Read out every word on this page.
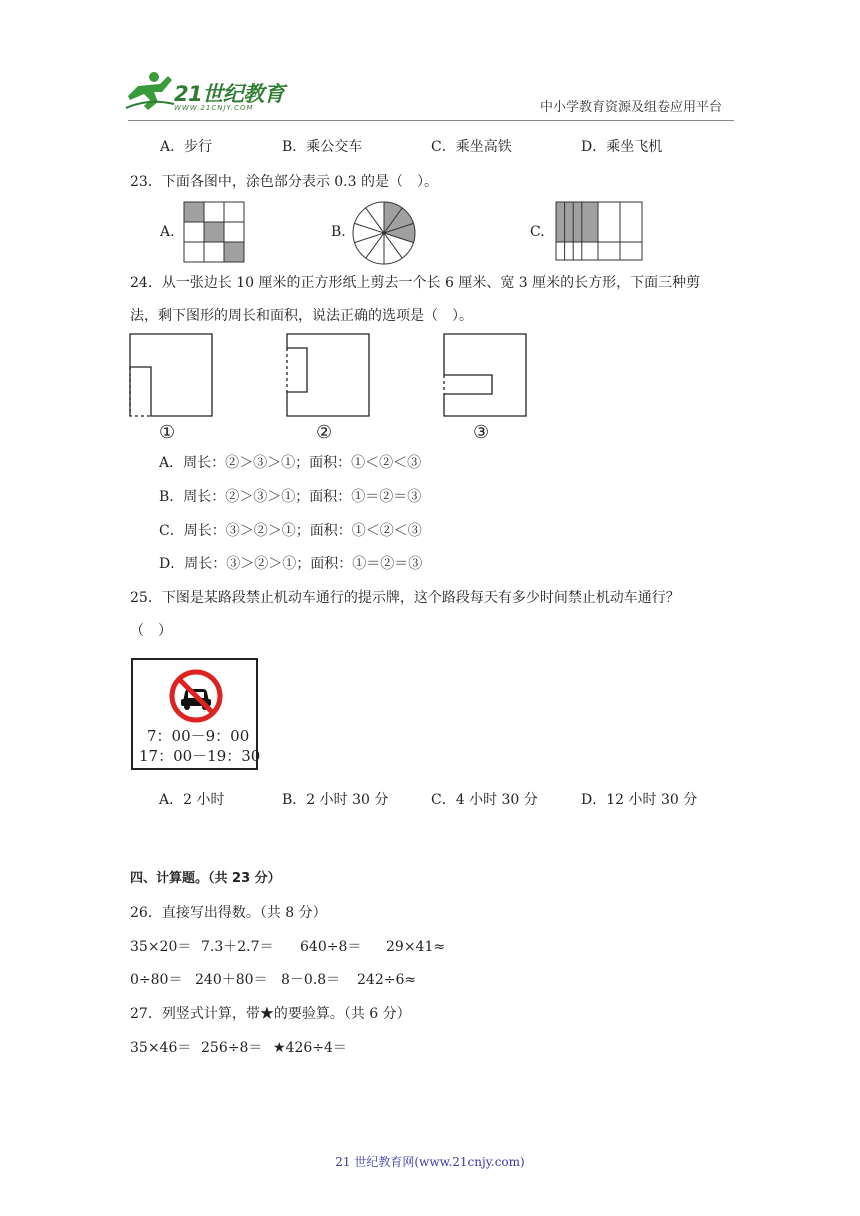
21世纪教育
WWW.21CNJY.COM	中小学教育资源及组卷应用平台
A．步行	B．乘公交车	C．乘坐高铁	D．乘坐飞机
23．下面各图中，涂色部分表示 0.3 的是（　）。
A.	B.	C.
24．从一张边长 10 厘米的正方形纸上剪去一个长 6 厘米、宽 3 厘米的长方形，下面三种剪
法，剩下图形的周长和面积，说法正确的选项是（　）。
①	②	③
A．周长：②＞③＞①；面积：①＜②＜③
B．周长：②＞③＞①；面积：①＝②＝③
C．周长：③＞②＞①；面积：①＜②＜③
D．周长：③＞②＞①；面积：①＝②＝③
25．下图是某路段禁止机动车通行的提示牌，这个路段每天有多少时间禁止机动车通行？
（　）
7：00－9：00
17：00－19：30
A．2 小时	B．2 小时 30 分	C．4 小时 30 分	D．12 小时 30 分
四、计算题。（共 23 分）
26．直接写出得数。（共 8 分）
35×20＝ 7.3＋2.7＝ 640÷8＝ 29×41≈
0÷80＝ 240＋80＝ 8－0.8＝ 242÷6≈
27．列竖式计算，带★的要验算。（共 6 分）
35×46＝ 256÷8＝ ★426÷4＝
21 世纪教育网(www.21cnjy.com)
